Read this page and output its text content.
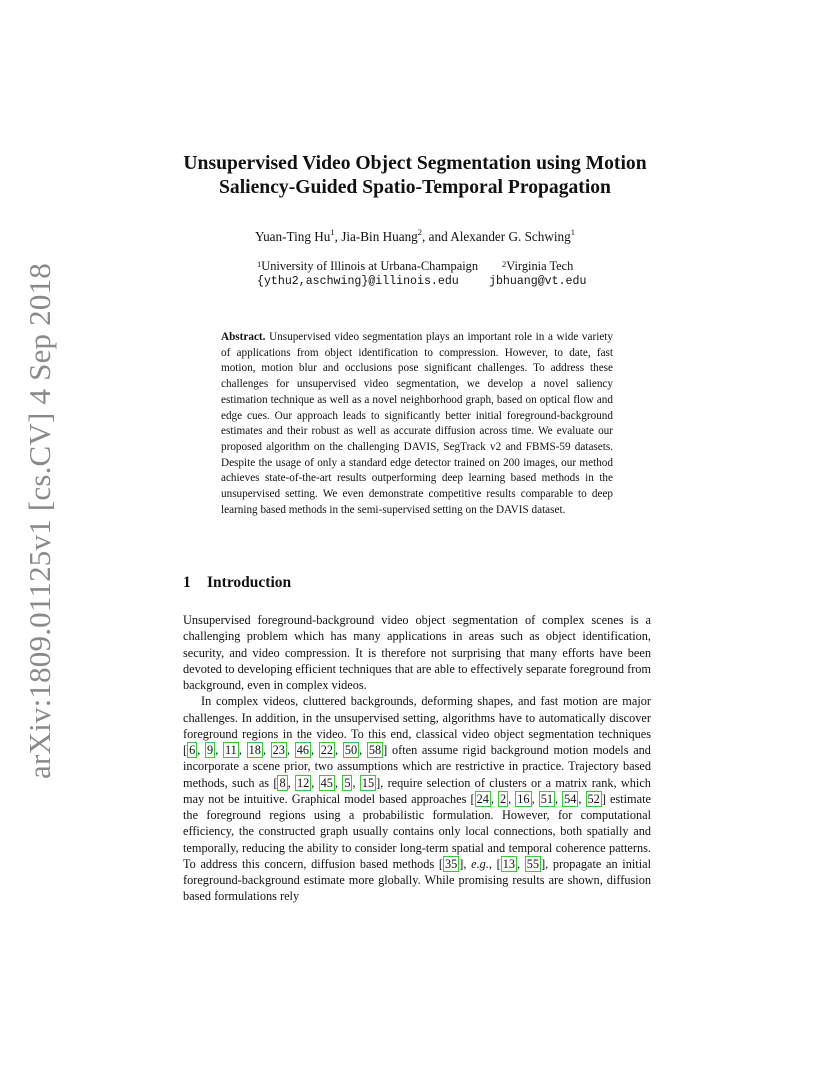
arXiv:1809.01125v1 [cs.CV] 4 Sep 2018
Unsupervised Video Object Segmentation using Motion Saliency-Guided Spatio-Temporal Propagation
Yuan-Ting Hu$^1$, Jia-Bin Huang$^2$, and Alexander G. Schwing$^1$
$^1$University of Illinois at Urbana-Champaign
{ythu2,aschwing}@illinois.edu
$^2$Virginia Tech
jbhuang@vt.edu
Abstract. Unsupervised video segmentation plays an important role in a wide variety of applications from object identification to compression. However, to date, fast motion, motion blur and occlusions pose significant challenges. To address these challenges for unsupervised video segmentation, we develop a novel saliency estimation technique as well as a novel neighborhood graph, based on optical flow and edge cues. Our approach leads to significantly better initial foreground-background estimates and their robust as well as accurate diffusion across time. We evaluate our proposed algorithm on the challenging DAVIS, SegTrack v2 and FBMS-59 datasets. Despite the usage of only a standard edge detector trained on 200 images, our method achieves state-of-the-art results outperforming deep learning based methods in the unsupervised setting. We even demonstrate competitive results comparable to deep learning based methods in the semi-supervised setting on the DAVIS dataset.
1 Introduction

Unsupervised foreground-background video object segmentation of complex scenes is a challenging problem which has many applications in areas such as object identification, security, and video compression. It is therefore not surprising that many efforts have been devoted to developing efficient techniques that are able to effectively separate foreground from background, even in complex videos.

In complex videos, cluttered backgrounds, deforming shapes, and fast motion are major challenges. In addition, in the unsupervised setting, algorithms have to automatically discover foreground regions in the video. To this end, classical video object segmentation techniques [ 6 , 9 , 11 , 18 , 23 , 46 , 22 , 50 , 58 ] often assume rigid background motion models and incorporate a scene prior, two assumptions which are restrictive in practice. Trajectory based methods, such as [ 8 , 12 , 45 , 5 , 15 ], require selection of clusters or a matrix rank, which may not be intuitive. Graphical model based approaches [ 24 , 2 , 16 , 51 , 54 , 52 ] estimate the foreground regions using a probabilistic formulation. However, for computational efficiency, the constructed graph usually contains only local connections, both spatially and temporally, reducing the ability to consider long-term spatial and temporal coherence patterns. To address this concern, diffusion based methods [ 35 ], e.g., [ 13 , 55 ], propagate an initial foreground-background estimate more globally. While promising results are shown, diffusion based formulations rely
